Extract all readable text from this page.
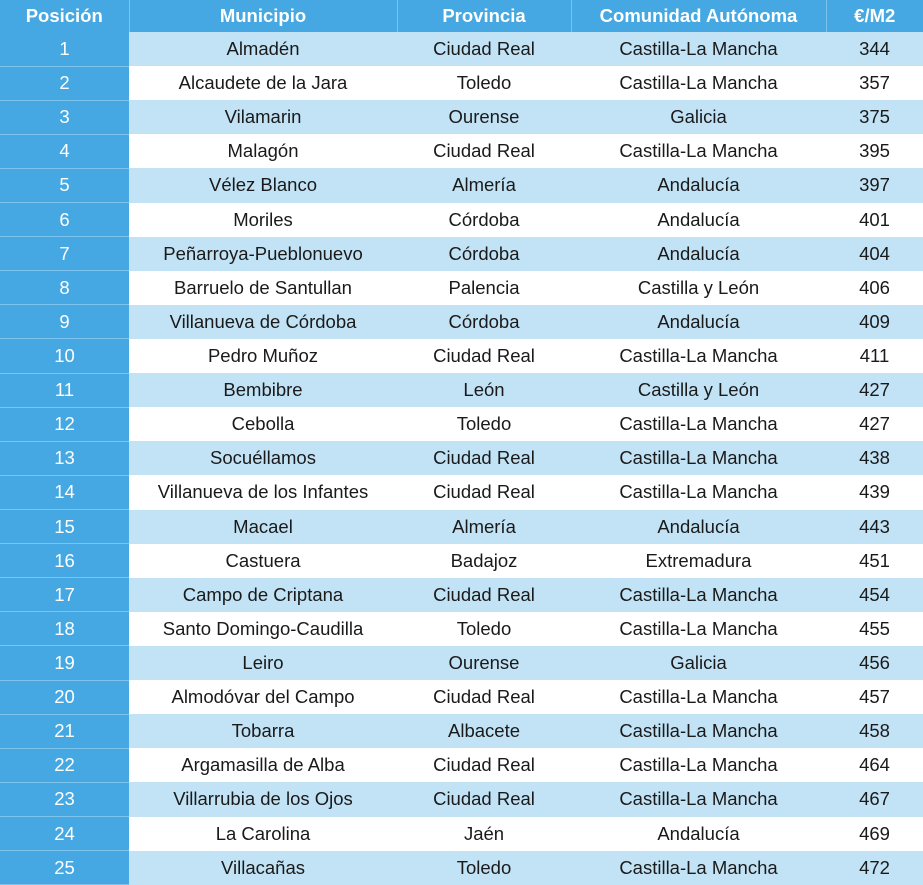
Posición	Municipio	Provincia	Comunidad Autónoma	€/M2
1	Almadén	Ciudad Real	Castilla-La Mancha	344
2	Alcaudete de la Jara	Toledo	Castilla-La Mancha	357
3	Vilamarin	Ourense	Galicia	375
4	Malagón	Ciudad Real	Castilla-La Mancha	395
5	Vélez Blanco	Almería	Andalucía	397
6	Moriles	Córdoba	Andalucía	401
7	Peñarroya-Pueblonuevo	Córdoba	Andalucía	404
8	Barruelo de Santullan	Palencia	Castilla y León	406
9	Villanueva de Córdoba	Córdoba	Andalucía	409
10	Pedro Muñoz	Ciudad Real	Castilla-La Mancha	411
11	Bembibre	León	Castilla y León	427
12	Cebolla	Toledo	Castilla-La Mancha	427
13	Socuéllamos	Ciudad Real	Castilla-La Mancha	438
14	Villanueva de los Infantes	Ciudad Real	Castilla-La Mancha	439
15	Macael	Almería	Andalucía	443
16	Castuera	Badajoz	Extremadura	451
17	Campo de Criptana	Ciudad Real	Castilla-La Mancha	454
18	Santo Domingo-Caudilla	Toledo	Castilla-La Mancha	455
19	Leiro	Ourense	Galicia	456
20	Almodóvar del Campo	Ciudad Real	Castilla-La Mancha	457
21	Tobarra	Albacete	Castilla-La Mancha	458
22	Argamasilla de Alba	Ciudad Real	Castilla-La Mancha	464
23	Villarrubia de los Ojos	Ciudad Real	Castilla-La Mancha	467
24	La Carolina	Jaén	Andalucía	469
25	Villacañas	Toledo	Castilla-La Mancha	472
